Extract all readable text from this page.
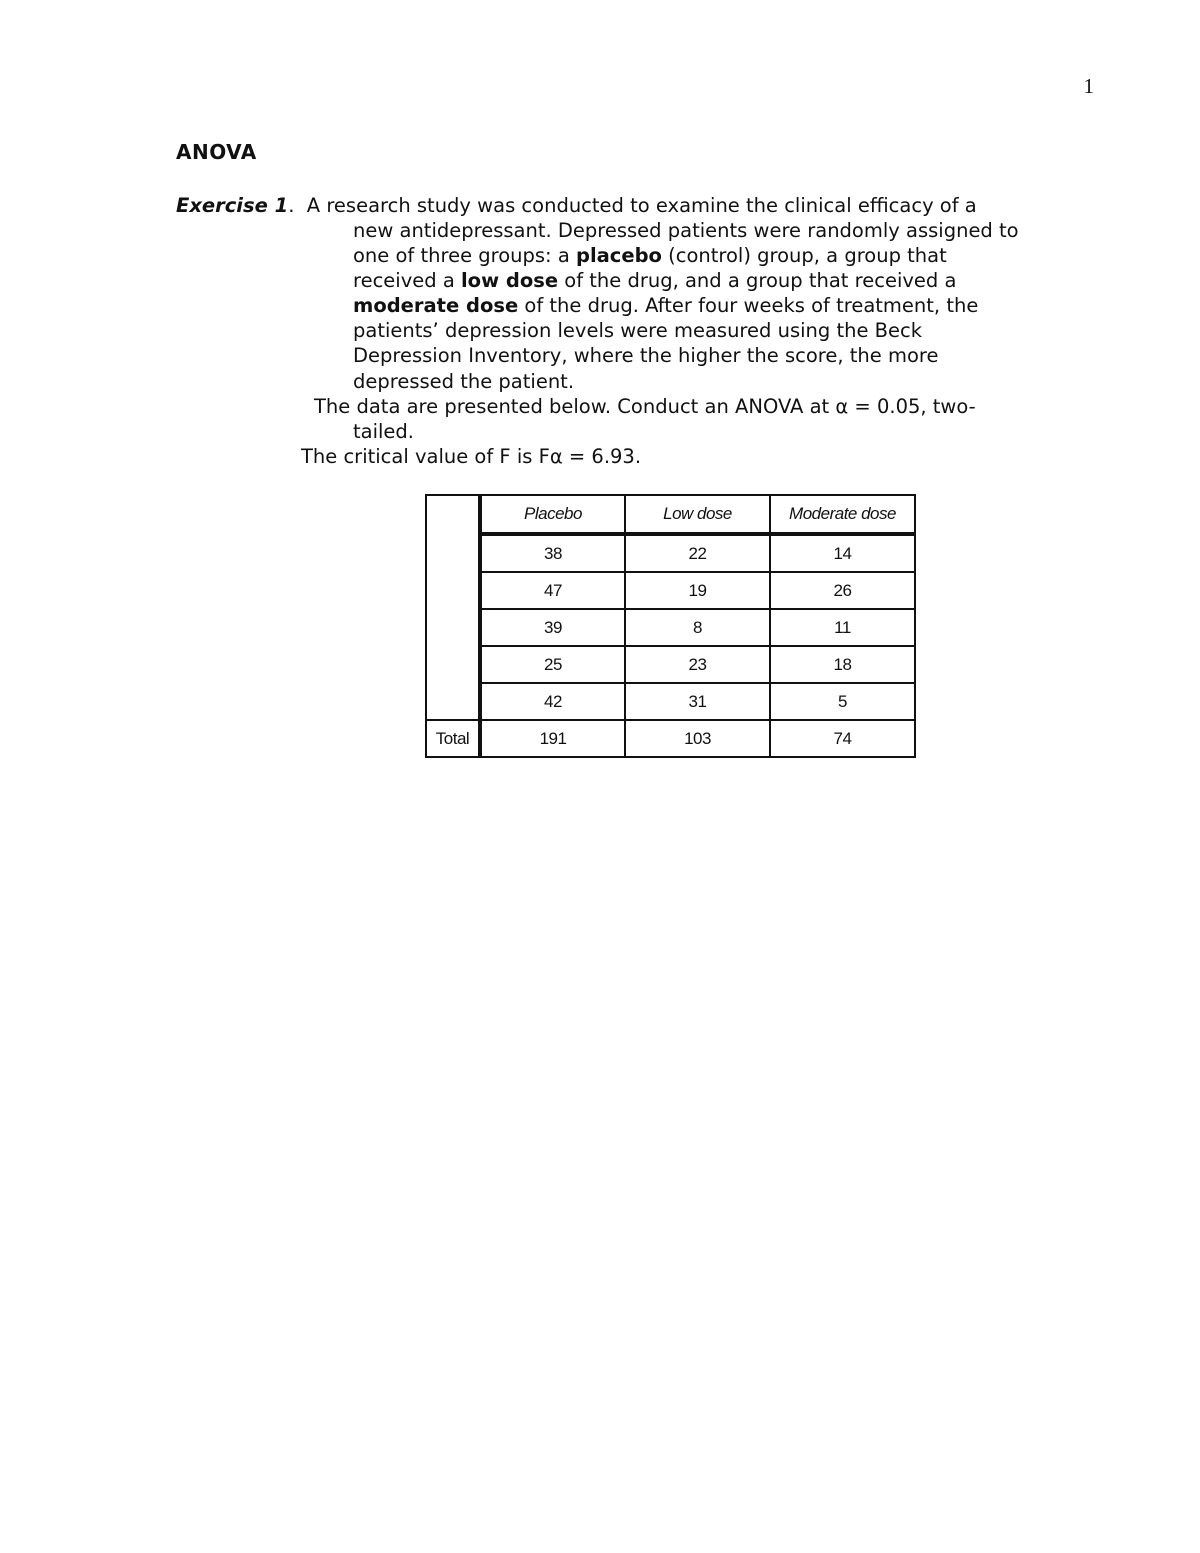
1
ANOVA
Exercise 1. A research study was conducted to examine the clinical efficacy of a
new antidepressant. Depressed patients were randomly assigned to
one of three groups: a placebo (control) group, a group that
received a low dose of the drug, and a group that received a
moderate dose of the drug. After four weeks of treatment, the
patients’ depression levels were measured using the Beck
Depression Inventory, where the higher the score, the more
depressed the patient.
The data are presented below. Conduct an ANOVA at α = 0.05, two-
tailed.
The critical value of F is Fα = 6.93.
	Placebo	Low dose	Moderate dose
	38	22	14
	47	19	26
	39	8	11
	25	23	18
	42	31	5
Total	191	103	74
